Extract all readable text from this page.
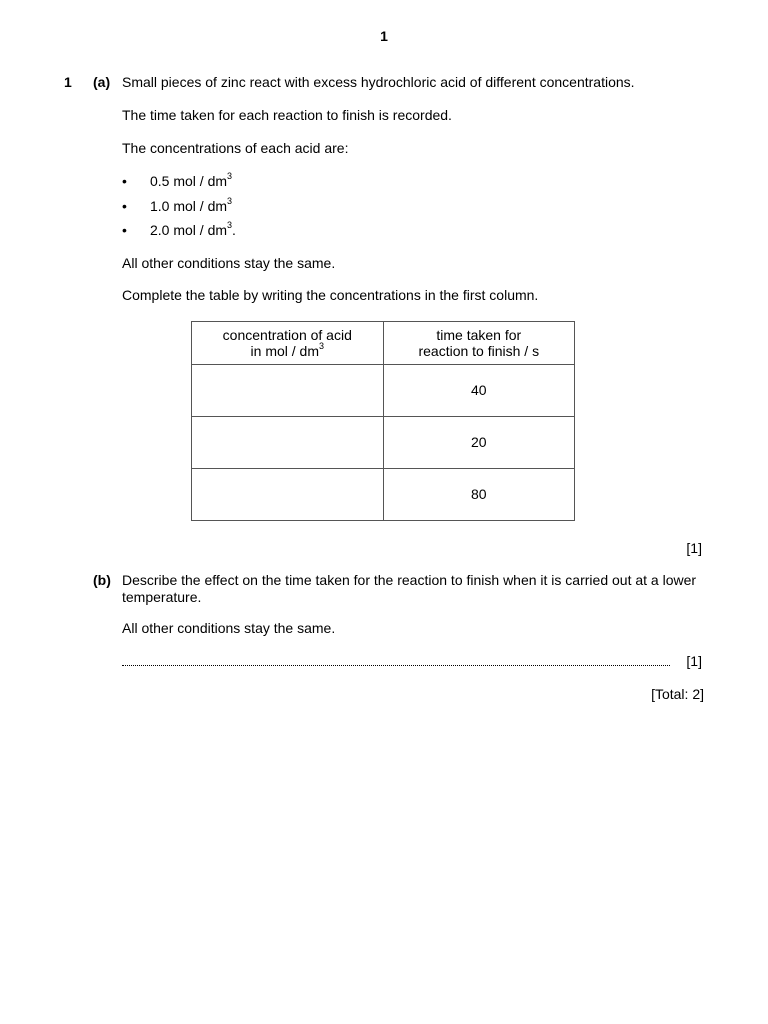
1
1 (a) Small pieces of zinc react with excess hydrochloric acid of different concentrations.
The time taken for each reaction to finish is recorded.
The concentrations of each acid are:
• 0.5 mol / $dm^3$
• 1.0 mol / $dm^3$
• 2.0 mol / $dm^3$.
All other conditions stay the same.
Complete the table by writing the concentrations in the first column.
concentration of acid
in mol / $dm^3$	time taken for
reaction to finish / s
	40
	20
	80
[1]
(b) Describe the effect on the time taken for the reaction to finish when it is carried out at a lower temperature.
All other conditions stay the same.
[1]
[Total: 2]
